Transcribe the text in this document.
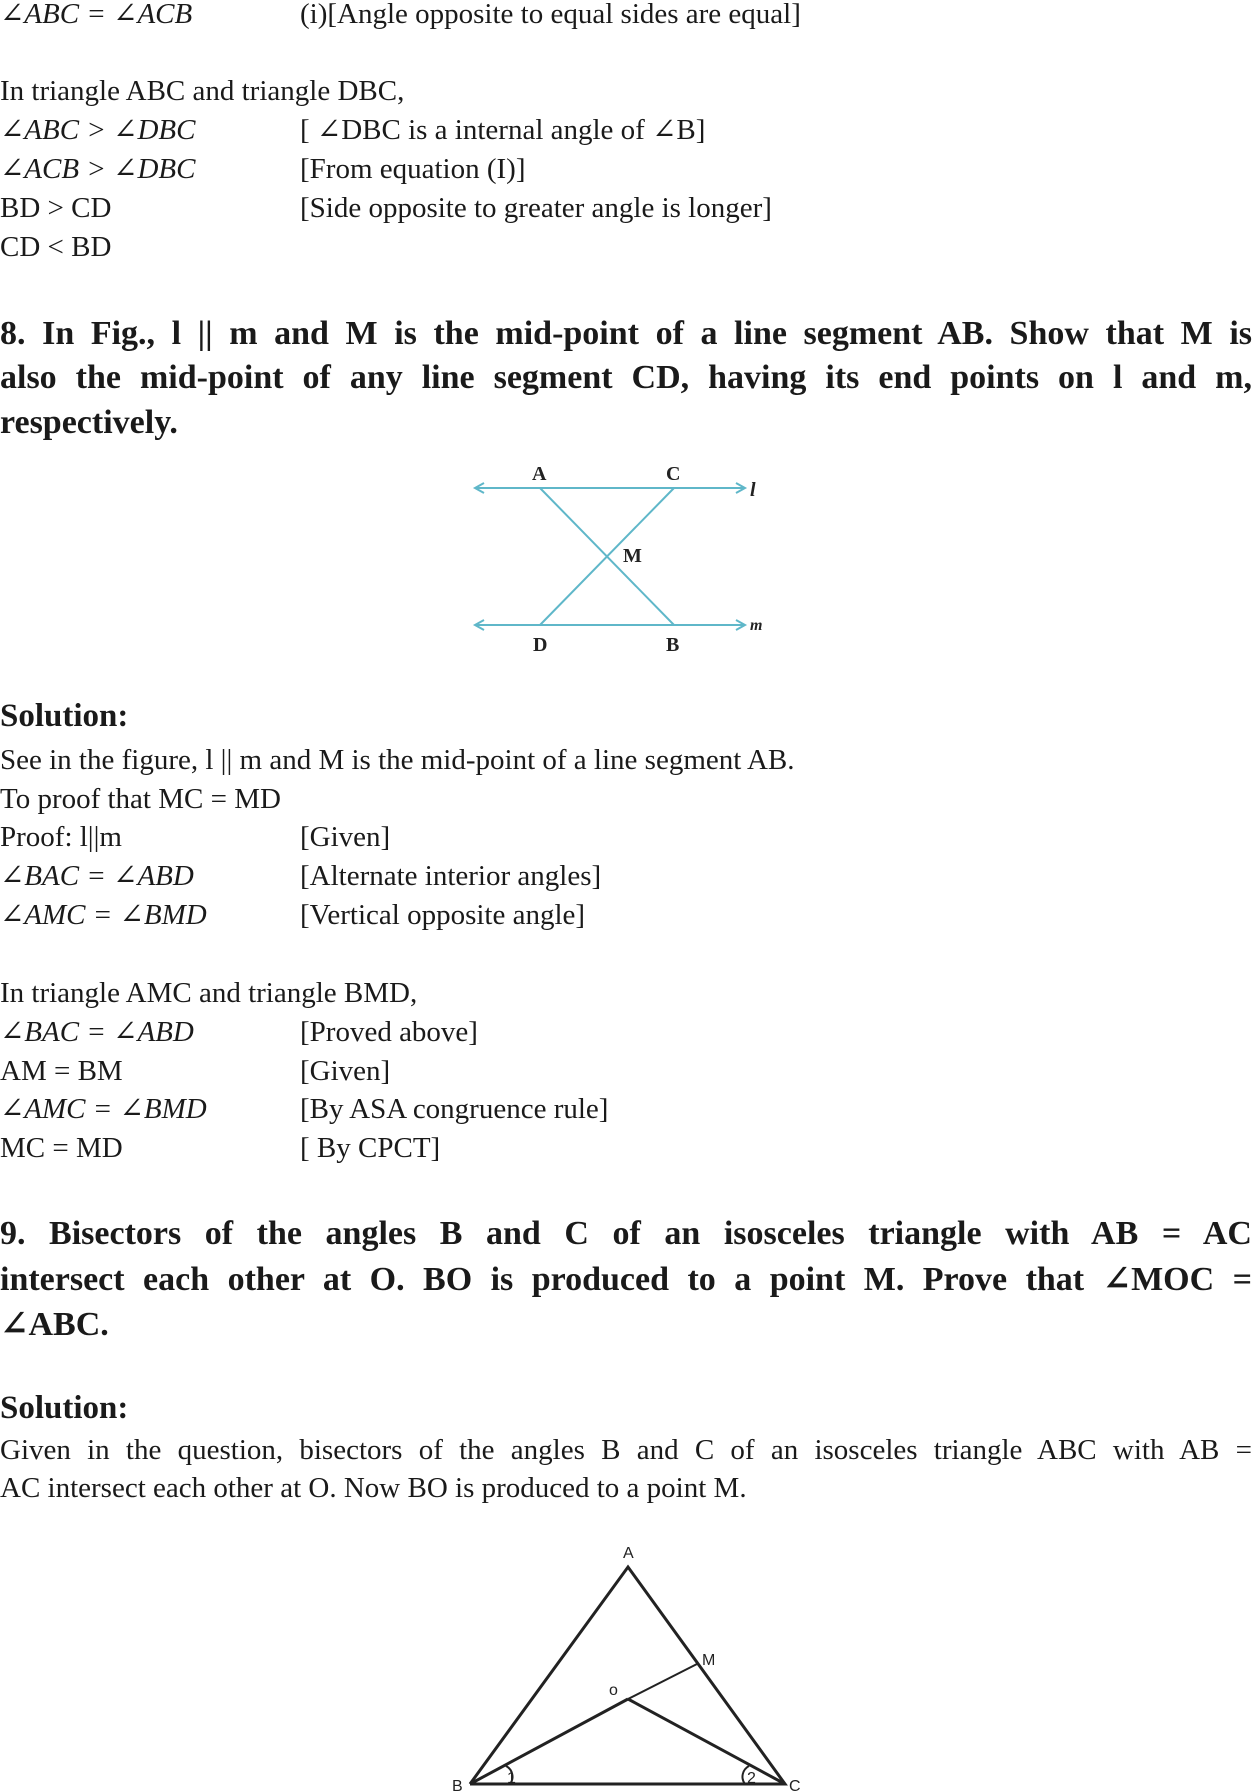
∠ABC = ∠ACB	(i)[Angle opposite to equal sides are equal]
In triangle ABC and triangle DBC,
∠ABC > ∠DBC	[ ∠DBC is a internal angle of ∠B]
∠ACB > ∠DBC	[From equation (I)]
BD > CD	[Side opposite to greater angle is longer]
CD < BD
8. In Fig., l || m and M is the mid-point of a line segment AB. Show that M is
also the mid-point of any line segment CD, having its end points on l and m,
respectively.
A	C
M
D	B
l
m
Solution:
See in the figure, l || m and M is the mid-point of a line segment AB.
To proof that MC = MD
Proof: l||m	[Given]
∠BAC = ∠ABD	[Alternate interior angles]
∠AMC = ∠BMD	[Vertical opposite angle]
In triangle AMC and triangle BMD,
∠BAC = ∠ABD	[Proved above]
AM = BM	[Given]
∠AMC = ∠BMD	[By ASA congruence rule]
MC = MD	[ By CPCT]
9. Bisectors of the angles B and C of an isosceles triangle with AB = AC
intersect each other at O. BO is produced to a point M. Prove that ∠MOC =
∠ABC.
Solution:
Given in the question, bisectors of the angles B and C of an isosceles triangle ABC with AB =
AC intersect each other at O. Now BO is produced to a point M.
A
B	C
M
o
1	2
